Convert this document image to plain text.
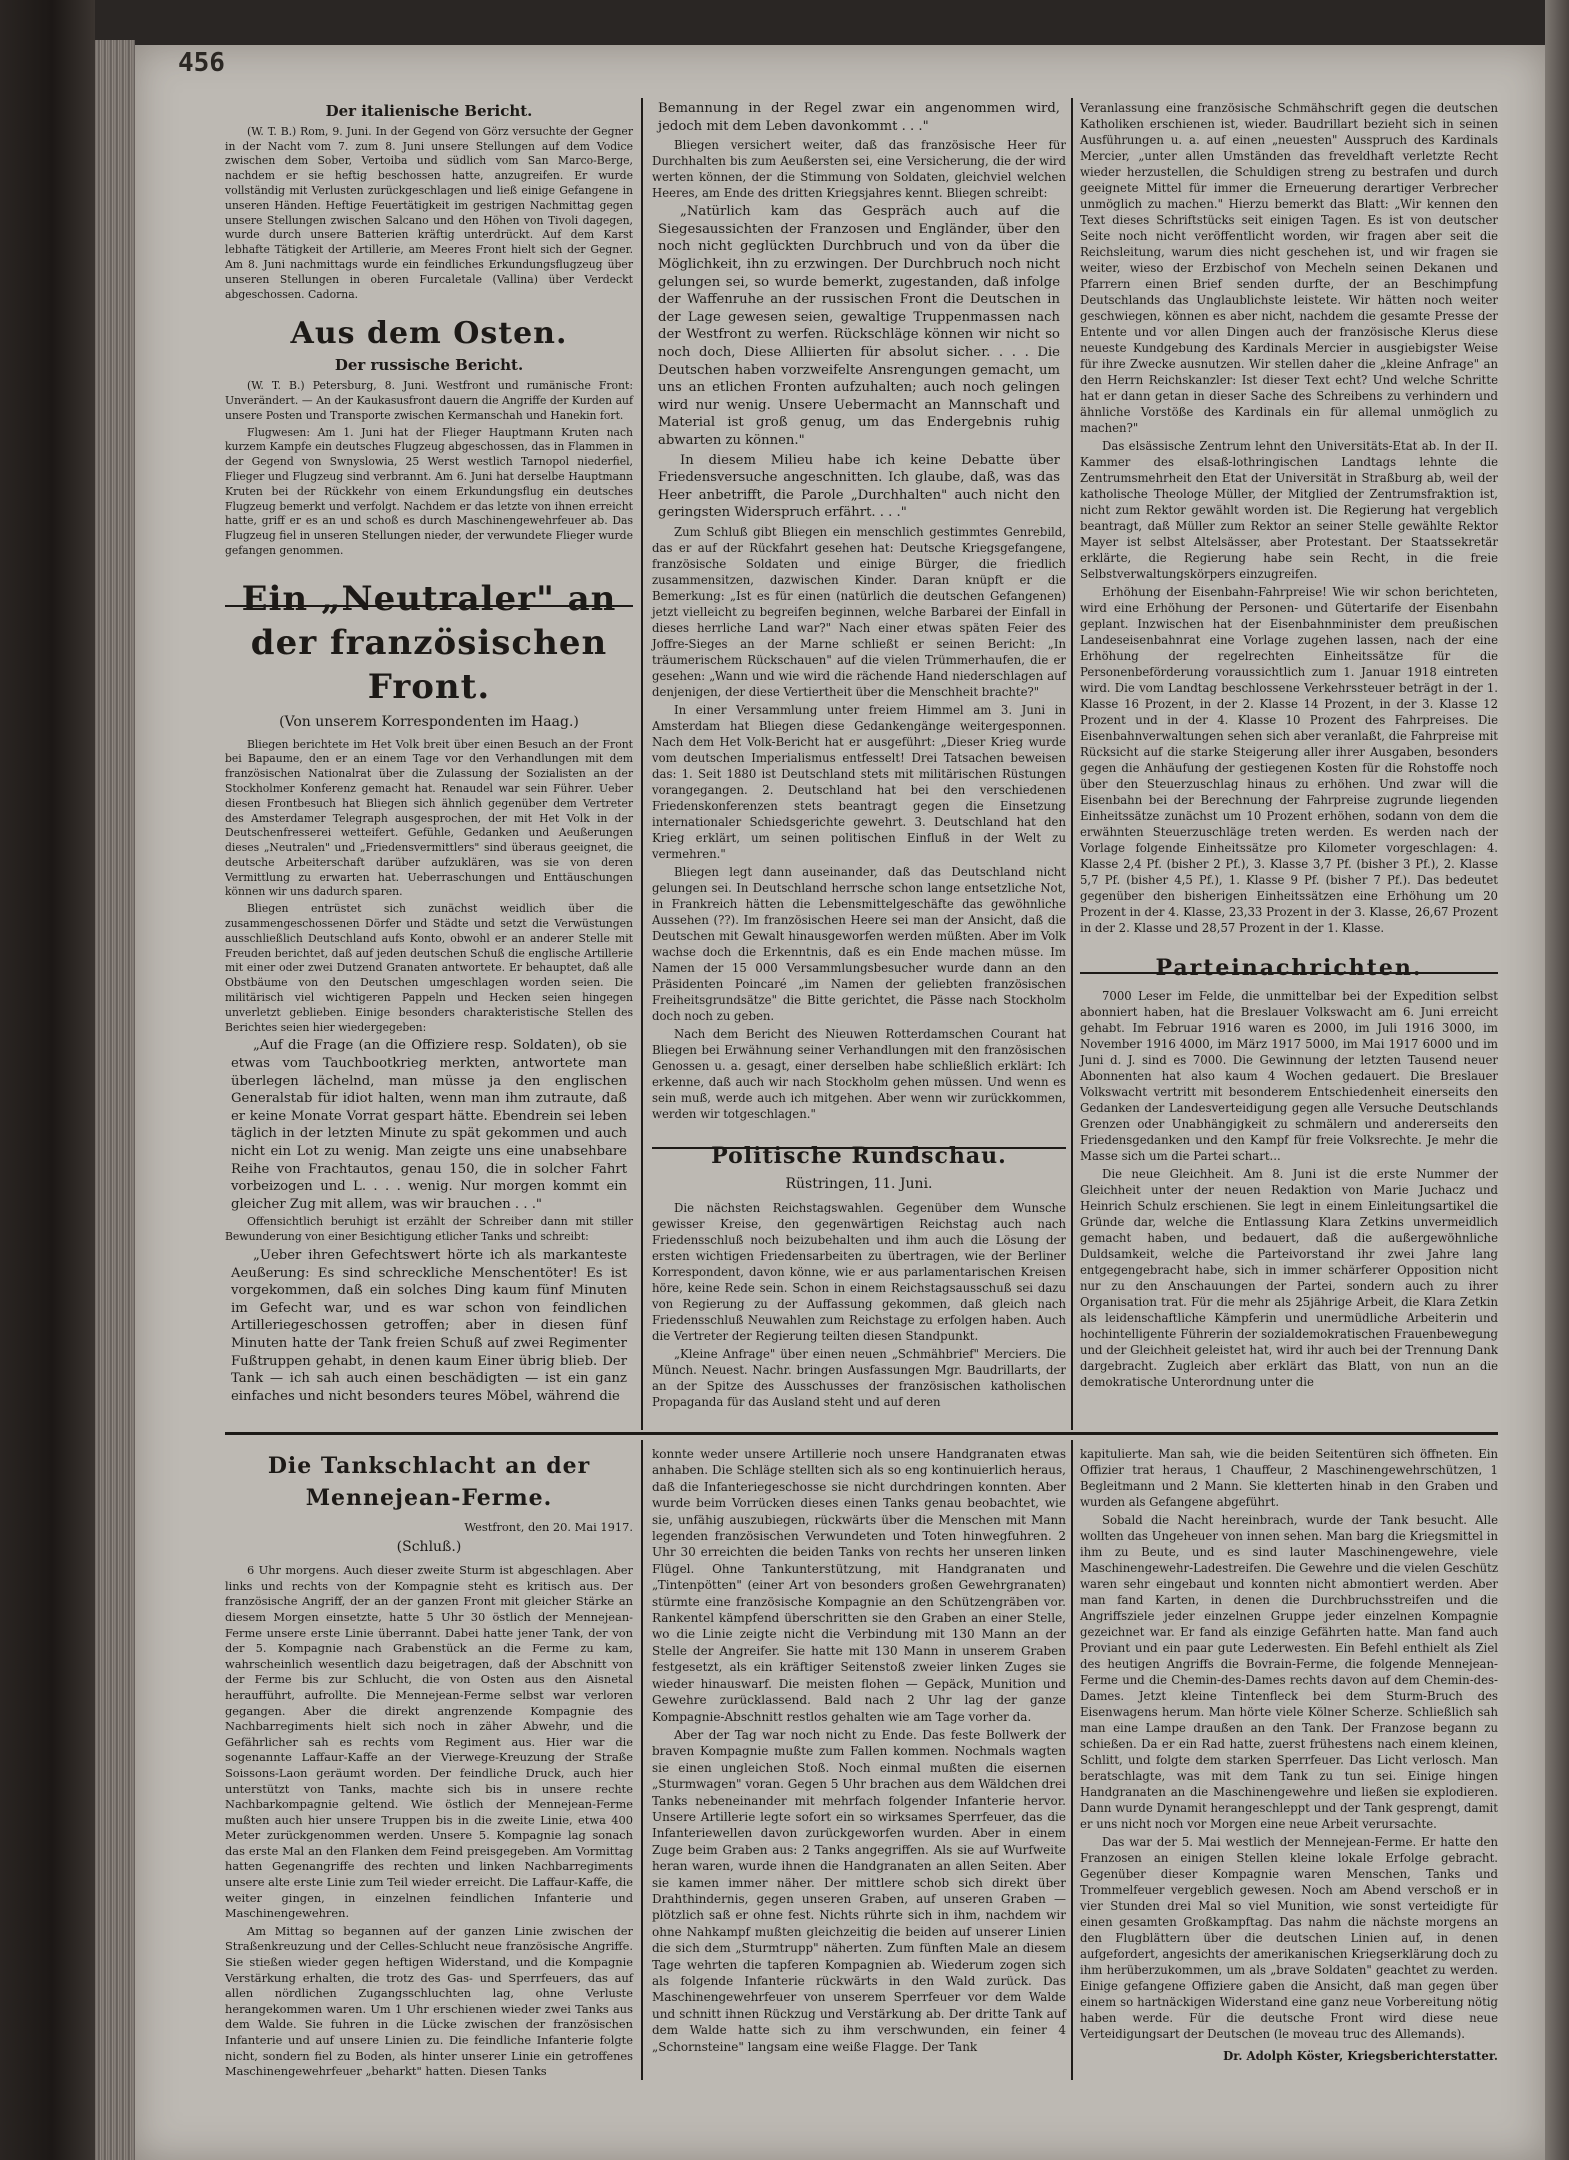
456
Der italienische Bericht.

(W. T. B.) Rom, 9. Juni. In der Gegend von Görz versuchte der Gegner in der Nacht vom 7. zum 8. Juni unsere Stellungen auf dem Vodice zwischen dem Sober, Vertoiba und südlich vom San Marco-Berge, nachdem er sie heftig beschossen hatte, anzugreifen. Er wurde vollständig mit Verlusten zurückgeschlagen und ließ einige Gefangene in unseren Händen. Heftige Feuertätigkeit im gestrigen Nachmittag gegen unsere Stellungen zwischen Salcano und den Höhen von Tivoli dagegen, wurde durch unsere Batterien kräftig unterdrückt. Auf dem Karst lebhafte Tätigkeit der Artillerie, am Meeres Front hielt sich der Gegner. Am 8. Juni nachmittags wurde ein feindliches Erkundungsflugzeug über unseren Stellungen in oberen Furcaletale (Vallina) über Verdeckt abgeschossen. Cadorna.

Aus dem Osten.
Der russische Bericht.

(W. T. B.) Petersburg, 8. Juni. Westfront und rumänische Front: Unverändert. — An der Kaukasusfront dauern die Angriffe der Kurden auf unsere Posten und Transporte zwischen Kermanschah und Hanekin fort.

Flugwesen: Am 1. Juni hat der Flieger Hauptmann Kruten nach kurzem Kampfe ein deutsches Flugzeug abgeschossen, das in Flammen in der Gegend von Swnyslowia, 25 Werst westlich Tarnopol niederfiel, Flieger und Flugzeug sind verbrannt. Am 6. Juni hat derselbe Hauptmann Kruten bei der Rückkehr von einem Erkundungsflug ein deutsches Flugzeug bemerkt und verfolgt. Nachdem er das letzte von ihnen erreicht hatte, griff er es an und schoß es durch Maschinengewehrfeuer ab. Das Flugzeug fiel in unseren Stellungen nieder, der verwundete Flieger wurde gefangen genommen.

Ein „Neutraler" an der französischen Front.
(Von unserem Korrespondenten im Haag.)

Bliegen berichtete im Het Volk breit über einen Besuch an der Front bei Bapaume, den er an einem Tage vor den Verhandlungen mit dem französischen Nationalrat über die Zulassung der Sozialisten an der Stockholmer Konferenz gemacht hat. Renaudel war sein Führer. Ueber diesen Frontbesuch hat Bliegen sich ähnlich gegenüber dem Vertreter des Amsterdamer Telegraph ausgesprochen, der mit Het Volk in der Deutschenfresserei wetteifert. Gefühle, Gedanken und Aeußerungen dieses „Neutralen" und „Friedensvermittlers" sind überaus geeignet, die deutsche Arbeiterschaft darüber aufzuklären, was sie von deren Vermittlung zu erwarten hat. Ueberraschungen und Enttäuschungen können wir uns dadurch sparen.

Bliegen entrüstet sich zunächst weidlich über die zusammengeschossenen Dörfer und Städte und setzt die Verwüstungen ausschließlich Deutschland aufs Konto, obwohl er an anderer Stelle mit Freuden berichtet, daß auf jeden deutschen Schuß die englische Artillerie mit einer oder zwei Dutzend Granaten antwortete. Er behauptet, daß alle Obstbäume von den Deutschen umgeschlagen worden seien. Die militärisch viel wichtigeren Pappeln und Hecken seien hingegen unverletzt geblieben. Einige besonders charakteristische Stellen des Berichtes seien hier wiedergegeben:

„Auf die Frage (an die Offiziere resp. Soldaten), ob sie etwas vom Tauchbootkrieg merkten, antwortete man überlegen lächelnd, man müsse ja den englischen Generalstab für idiot halten, wenn man ihm zutraute, daß er keine Monate Vorrat gespart hätte. Ebendrein sei leben täglich in der letzten Minute zu spät gekommen und auch nicht ein Lot zu wenig. Man zeigte uns eine unabsehbare Reihe von Frachtautos, genau 150, die in solcher Fahrt vorbeizogen und L. . . . wenig. Nur morgen kommt ein gleicher Zug mit allem, was wir brauchen . . ."

Offensichtlich beruhigt ist erzählt der Schreiber dann mit stiller Bewunderung von einer Besichtigung etlicher Tanks und schreibt:

„Ueber ihren Gefechtswert hörte ich als markanteste Aeußerung: Es sind schreckliche Menschentöter! Es ist vorgekommen, daß ein solches Ding kaum fünf Minuten im Gefecht war, und es war schon von feindlichen Artilleriegeschossen getroffen; aber in diesen fünf Minuten hatte der Tank freien Schuß auf zwei Regimenter Fußtruppen gehabt, in denen kaum Einer übrig blieb. Der Tank — ich sah auch einen beschädigten — ist ein ganz einfaches und nicht besonders teures Möbel, während die

Bemannung in der Regel zwar ein angenommen wird, jedoch mit dem Leben davonkommt . . ."

Bliegen versichert weiter, daß das französische Heer für Durchhalten bis zum Aeußersten sei, eine Versicherung, die der wird werten können, der die Stimmung von Soldaten, gleichviel welchen Heeres, am Ende des dritten Kriegsjahres kennt. Bliegen schreibt:

„Natürlich kam das Gespräch auch auf die Siegesaussichten der Franzosen und Engländer, über den noch nicht geglückten Durchbruch und von da über die Möglichkeit, ihn zu erzwingen. Der Durchbruch noch nicht gelungen sei, so wurde bemerkt, zugestanden, daß infolge der Waffenruhe an der russischen Front die Deutschen in der Lage gewesen seien, gewaltige Truppenmassen nach der Westfront zu werfen. Rückschläge können wir nicht so noch doch, Diese Alliierten für absolut sicher. . . . Die Deutschen haben vorzweifelte Ansrengungen gemacht, um uns an etlichen Fronten aufzuhalten; auch noch gelingen wird nur wenig. Unsere Uebermacht an Mannschaft und Material ist groß genug, um das Endergebnis ruhig abwarten zu können."

In diesem Milieu habe ich keine Debatte über Friedensversuche angeschnitten. Ich glaube, daß, was das Heer anbetrifft, die Parole „Durchhalten" auch nicht den geringsten Widerspruch erfährt. . . ."

Zum Schluß gibt Bliegen ein menschlich gestimmtes Genrebild, das er auf der Rückfahrt gesehen hat: Deutsche Kriegsgefangene, französische Soldaten und einige Bürger, die friedlich zusammensitzen, dazwischen Kinder. Daran knüpft er die Bemerkung: „Ist es für einen (natürlich die deutschen Gefangenen) jetzt vielleicht zu begreifen beginnen, welche Barbarei der Einfall in dieses herrliche Land war?" Nach einer etwas späten Feier des Joffre-Sieges an der Marne schließt er seinen Bericht: „In träumerischem Rückschauen" auf die vielen Trümmerhaufen, die er gesehen: „Wann und wie wird die rächende Hand niederschlagen auf denjenigen, der diese Vertiertheit über die Menschheit brachte?"

In einer Versammlung unter freiem Himmel am 3. Juni in Amsterdam hat Bliegen diese Gedankengänge weitergesponnen. Nach dem Het Volk-Bericht hat er ausgeführt: „Dieser Krieg wurde vom deutschen Imperialismus entfesselt! Drei Tatsachen beweisen das: 1. Seit 1880 ist Deutschland stets mit militärischen Rüstungen vorangegangen. 2. Deutschland hat bei den verschiedenen Friedenskonferenzen stets beantragt gegen die Einsetzung internationaler Schiedsgerichte gewehrt. 3. Deutschland hat den Krieg erklärt, um seinen politischen Einfluß in der Welt zu vermehren."

Bliegen legt dann auseinander, daß das Deutschland nicht gelungen sei. In Deutschland herrsche schon lange entsetzliche Not, in Frankreich hätten die Lebensmittelgeschäfte das gewöhnliche Aussehen (??). Im französischen Heere sei man der Ansicht, daß die Deutschen mit Gewalt hinausgeworfen werden müßten. Aber im Volk wachse doch die Erkenntnis, daß es ein Ende machen müsse. Im Namen der 15 000 Versammlungsbesucher wurde dann an den Präsidenten Poincaré „im Namen der geliebten französischen Freiheitsgrundsätze" die Bitte gerichtet, die Pässe nach Stockholm doch noch zu geben.

Nach dem Bericht des Nieuwen Rotterdamschen Courant hat Bliegen bei Erwähnung seiner Verhandlungen mit den französischen Genossen u. a. gesagt, einer derselben habe schließlich erklärt: Ich erkenne, daß auch wir nach Stockholm gehen müssen. Und wenn es sein muß, werde auch ich mitgehen. Aber wenn wir zurückkommen, werden wir totgeschlagen."

Politische Rundschau.
Rüstringen, 11. Juni.

Die nächsten Reichstagswahlen. Gegenüber dem Wunsche gewisser Kreise, den gegenwärtigen Reichstag auch nach Friedensschluß noch beizubehalten und ihm auch die Lösung der ersten wichtigen Friedensarbeiten zu übertragen, wie der Berliner Korrespondent, davon könne, wie er aus parlamentarischen Kreisen höre, keine Rede sein. Schon in einem Reichstagsausschuß sei dazu von Regierung zu der Auffassung gekommen, daß gleich nach Friedensschluß Neuwahlen zum Reichstage zu erfolgen haben. Auch die Vertreter der Regierung teilten diesen Standpunkt.

„Kleine Anfrage" über einen neuen „Schmähbrief" Merciers. Die Münch. Neuest. Nachr. bringen Ausfassungen Mgr. Baudrillarts, der an der Spitze des Ausschusses der französischen katholischen Propaganda für das Ausland steht und auf deren

Veranlassung eine französische Schmähschrift gegen die deutschen Katholiken erschienen ist, wieder. Baudrillart bezieht sich in seinen Ausführungen u. a. auf einen „neuesten" Ausspruch des Kardinals Mercier, „unter allen Umständen das freveldhaft verletzte Recht wieder herzustellen, die Schuldigen streng zu bestrafen und durch geeignete Mittel für immer die Erneuerung derartiger Verbrecher unmöglich zu machen." Hierzu bemerkt das Blatt: „Wir kennen den Text dieses Schriftstücks seit einigen Tagen. Es ist von deutscher Seite noch nicht veröffentlicht worden, wir fragen aber seit die Reichsleitung, warum dies nicht geschehen ist, und wir fragen sie weiter, wieso der Erzbischof von Mecheln seinen Dekanen und Pfarrern einen Brief senden durfte, der an Beschimpfung Deutschlands das Unglaublichste leistete. Wir hätten noch weiter geschwiegen, können es aber nicht, nachdem die gesamte Presse der Entente und vor allen Dingen auch der französische Klerus diese neueste Kundgebung des Kardinals Mercier in ausgiebigster Weise für ihre Zwecke ausnutzen. Wir stellen daher die „kleine Anfrage" an den Herrn Reichskanzler: Ist dieser Text echt? Und welche Schritte hat er dann getan in dieser Sache des Schreibens zu verhindern und ähnliche Vorstöße des Kardinals ein für allemal unmöglich zu machen?"

Das elsässische Zentrum lehnt den Universitäts-Etat ab. In der II. Kammer des elsaß-lothringischen Landtags lehnte die Zentrumsmehrheit den Etat der Universität in Straßburg ab, weil der katholische Theologe Müller, der Mitglied der Zentrumsfraktion ist, nicht zum Rektor gewählt worden ist. Die Regierung hat vergeblich beantragt, daß Müller zum Rektor an seiner Stelle gewählte Rektor Mayer ist selbst Altelsässer, aber Protestant. Der Staatssekretär erklärte, die Regierung habe sein Recht, in die freie Selbstverwaltungskörpers einzugreifen.

Erhöhung der Eisenbahn-Fahrpreise! Wie wir schon berichteten, wird eine Erhöhung der Personen- und Gütertarife der Eisenbahn geplant. Inzwischen hat der Eisenbahnminister dem preußischen Landeseisenbahnrat eine Vorlage zugehen lassen, nach der eine Erhöhung der regelrechten Einheitssätze für die Personenbeförderung voraussichtlich zum 1. Januar 1918 eintreten wird. Die vom Landtag beschlossene Verkehrssteuer beträgt in der 1. Klasse 16 Prozent, in der 2. Klasse 14 Prozent, in der 3. Klasse 12 Prozent und in der 4. Klasse 10 Prozent des Fahrpreises. Die Eisenbahnverwaltungen sehen sich aber veranlaßt, die Fahrpreise mit Rücksicht auf die starke Steigerung aller ihrer Ausgaben, besonders gegen die Anhäufung der gestiegenen Kosten für die Rohstoffe noch über den Steuerzuschlag hinaus zu erhöhen. Und zwar will die Eisenbahn bei der Berechnung der Fahrpreise zugrunde liegenden Einheitssätze zunächst um 10 Prozent erhöhen, sodann von dem die erwähnten Steuerzuschläge treten werden. Es werden nach der Vorlage folgende Einheitssätze pro Kilometer vorgeschlagen: 4. Klasse 2,4 Pf. (bisher 2 Pf.), 3. Klasse 3,7 Pf. (bisher 3 Pf.), 2. Klasse 5,7 Pf. (bisher 4,5 Pf.), 1. Klasse 9 Pf. (bisher 7 Pf.). Das bedeutet gegenüber den bisherigen Einheitssätzen eine Erhöhung um 20 Prozent in der 4. Klasse, 23,33 Prozent in der 3. Klasse, 26,67 Prozent in der 2. Klasse und 28,57 Prozent in der 1. Klasse.

Parteinachrichten.

7000 Leser im Felde, die unmittelbar bei der Expedition selbst abonniert haben, hat die Breslauer Volkswacht am 6. Juni erreicht gehabt. Im Februar 1916 waren es 2000, im Juli 1916 3000, im November 1916 4000, im März 1917 5000, im Mai 1917 6000 und im Juni d. J. sind es 7000. Die Gewinnung der letzten Tausend neuer Abonnenten hat also kaum 4 Wochen gedauert. Die Breslauer Volkswacht vertritt mit besonderem Entschiedenheit einerseits den Gedanken der Landesverteidigung gegen alle Versuche Deutschlands Grenzen oder Unabhängigkeit zu schmälern und andererseits den Friedensgedanken und den Kampf für freie Volksrechte. Je mehr die Masse sich um die Partei schart...

Die neue Gleichheit. Am 8. Juni ist die erste Nummer der Gleichheit unter der neuen Redaktion von Marie Juchacz und Heinrich Schulz erschienen. Sie legt in einem Einleitungsartikel die Gründe dar, welche die Entlassung Klara Zetkins unvermeidlich gemacht haben, und bedauert, daß die außergewöhnliche Duldsamkeit, welche die Parteivorstand ihr zwei Jahre lang entgegengebracht habe, sich in immer schärferer Opposition nicht nur zu den Anschauungen der Partei, sondern auch zu ihrer Organisation trat. Für die mehr als 25jährige Arbeit, die Klara Zetkin als leidenschaftliche Kämpferin und unermüdliche Arbeiterin und hochintelligente Führerin der sozialdemokratischen Frauenbewegung und der Gleichheit geleistet hat, wird ihr auch bei der Trennung Dank dargebracht. Zugleich aber erklärt das Blatt, von nun an die demokratische Unterordnung unter die

Die Tankschlacht an der Mennejean-Ferme.
Westfront, den 20. Mai 1917.
(Schluß.)

6 Uhr morgens. Auch dieser zweite Sturm ist abgeschlagen. Aber links und rechts von der Kompagnie steht es kritisch aus. Der französische Angriff, der an der ganzen Front mit gleicher Stärke an diesem Morgen einsetzte, hatte 5 Uhr 30 östlich der Mennejean-Ferme unsere erste Linie überrannt. Dabei hatte jener Tank, der von der 5. Kompagnie nach Grabenstück an die Ferme zu kam, wahrscheinlich wesentlich dazu beigetragen, daß der Abschnitt von der Ferme bis zur Schlucht, die von Osten aus den Aisnetal heraufführt, aufrollte. Die Mennejean-Ferme selbst war verloren gegangen. Aber die direkt angrenzende Kompagnie des Nachbarregiments hielt sich noch in zäher Abwehr, und die Gefährlicher sah es rechts vom Regiment aus. Hier war die sogenannte Laffaur-Kaffe an der Vierwege-Kreuzung der Straße Soissons-Laon geräumt worden. Der feindliche Druck, auch hier unterstützt von Tanks, machte sich bis in unsere rechte Nachbarkompagnie geltend. Wie östlich der Mennejean-Ferme mußten auch hier unsere Truppen bis in die zweite Linie, etwa 400 Meter zurückgenommen werden. Unsere 5. Kompagnie lag sonach das erste Mal an den Flanken dem Feind preisgegeben. Am Vormittag hatten Gegenangriffe des rechten und linken Nachbarregiments unsere alte erste Linie zum Teil wieder erreicht. Die Laffaur-Kaffe, die weiter gingen, in einzelnen feindlichen Infanterie und Maschinengewehren.

Am Mittag so begannen auf der ganzen Linie zwischen der Straßenkreuzung und der Celles-Schlucht neue französische Angriffe. Sie stießen wieder gegen heftigen Widerstand, und die Kompagnie Verstärkung erhalten, die trotz des Gas- und Sperrfeuers, das auf allen nördlichen Zugangsschluchten lag, ohne Verluste herangekommen waren. Um 1 Uhr erschienen wieder zwei Tanks aus dem Walde. Sie fuhren in die Lücke zwischen der französischen Infanterie und auf unsere Linien zu. Die feindliche Infanterie folgte nicht, sondern fiel zu Boden, als hinter unserer Linie ein getroffenes Maschinengewehrfeuer „beharkt" hatten. Diesen Tanks

konnte weder unsere Artillerie noch unsere Handgranaten etwas anhaben. Die Schläge stellten sich als so eng kontinuierlich heraus, daß die Infanteriegeschosse sie nicht durchdringen konnten. Aber wurde beim Vorrücken dieses einen Tanks genau beobachtet, wie sie, unfähig auszubiegen, rückwärts über die Menschen mit Mann legenden französischen Verwundeten und Toten hinwegfuhren. 2 Uhr 30 erreichten die beiden Tanks von rechts her unseren linken Flügel. Ohne Tankunterstützung, mit Handgranaten und „Tintenpötten" (einer Art von besonders großen Gewehrgranaten) stürmte eine französische Kompagnie an den Schützengräben vor. Rankentel kämpfend überschritten sie den Graben an einer Stelle, wo die Linie zeigte nicht die Verbindung mit 130 Mann an der Stelle der Angreifer. Sie hatte mit 130 Mann in unserem Graben festgesetzt, als ein kräftiger Seitenstoß zweier linken Zuges sie wieder hinauswarf. Die meisten flohen — Gepäck, Munition und Gewehre zurücklassend. Bald nach 2 Uhr lag der ganze Kompagnie-Abschnitt restlos gehalten wie am Tage vorher da.

Aber der Tag war noch nicht zu Ende. Das feste Bollwerk der braven Kompagnie mußte zum Fallen kommen. Nochmals wagten sie einen ungleichen Stoß. Noch einmal mußten die eisernen „Sturmwagen" voran. Gegen 5 Uhr brachen aus dem Wäldchen drei Tanks nebeneinander mit mehrfach folgender Infanterie hervor. Unsere Artillerie legte sofort ein so wirksames Sperrfeuer, das die Infanteriewellen davon zurückgeworfen wurden. Aber in einem Zuge beim Graben aus: 2 Tanks angegriffen. Als sie auf Wurfweite heran waren, wurde ihnen die Handgranaten an allen Seiten. Aber sie kamen immer näher. Der mittlere schob sich direkt über Drahthindernis, gegen unseren Graben, auf unseren Graben — plötzlich saß er ohne fest. Nichts rührte sich in ihm, nachdem wir ohne Nahkampf mußten gleichzeitig die beiden auf unserer Linien die sich dem „Sturmtrupp" näherten. Zum fünften Male an diesem Tage wehrten die tapferen Kompagnien ab. Wiederum zogen sich als folgende Infanterie rückwärts in den Wald zurück. Das Maschinengewehrfeuer von unserem Sperrfeuer vor dem Walde und schnitt ihnen Rückzug und Verstärkung ab. Der dritte Tank auf dem Walde hatte sich zu ihm verschwunden, ein feiner 4 „Schornsteine" langsam eine weiße Flagge. Der Tank

kapitulierte. Man sah, wie die beiden Seitentüren sich öffneten. Ein Offizier trat heraus, 1 Chauffeur, 2 Maschinengewehrschützen, 1 Begleitmann und 2 Mann. Sie kletterten hinab in den Graben und wurden als Gefangene abgeführt.

Sobald die Nacht hereinbrach, wurde der Tank besucht. Alle wollten das Ungeheuer von innen sehen. Man barg die Kriegsmittel in ihm zu Beute, und es sind lauter Maschinengewehre, viele Maschinengewehr-Ladestreifen. Die Gewehre und die vielen Geschütz waren sehr eingebaut und konnten nicht abmontiert werden. Aber man fand Karten, in denen die Durchbruchsstreifen und die Angriffsziele jeder einzelnen Gruppe jeder einzelnen Kompagnie gezeichnet war. Er fand als einzige Gefährten hatte. Man fand auch Proviant und ein paar gute Lederwesten. Ein Befehl enthielt als Ziel des heutigen Angriffs die Bovrain-Ferme, die folgende Mennejean-Ferme und die Chemin-des-Dames rechts davon auf dem Chemin-des-Dames. Jetzt kleine Tintenfleck bei dem Sturm-Bruch des Eisenwagens herum. Man hörte viele Kölner Scherze. Schließlich sah man eine Lampe draußen an den Tank. Der Franzose begann zu schießen. Da er ein Rad hatte, zuerst frühestens nach einem kleinen, Schlitt, und folgte dem starken Sperrfeuer. Das Licht verlosch. Man beratschlagte, was mit dem Tank zu tun sei. Einige hingen Handgranaten an die Maschinengewehre und ließen sie explodieren. Dann wurde Dynamit herangeschleppt und der Tank gesprengt, damit er uns nicht noch vor Morgen eine neue Arbeit verursachte.

Das war der 5. Mai westlich der Mennejean-Ferme. Er hatte den Franzosen an einigen Stellen kleine lokale Erfolge gebracht. Gegenüber dieser Kompagnie waren Menschen, Tanks und Trommelfeuer vergeblich gewesen. Noch am Abend verschoß er in vier Stunden drei Mal so viel Munition, wie sonst verteidigte für einen gesamten Großkampftag. Das nahm die nächste morgens an den Flugblättern über die deutschen Linien auf, in denen aufgefordert, angesichts der amerikanischen Kriegserklärung doch zu ihm herüberzukommen, um als „brave Soldaten" geachtet zu werden. Einige gefangene Offiziere gaben die Ansicht, daß man gegen über einem so hartnäckigen Widerstand eine ganz neue Vorbereitung nötig haben werde. Für die deutsche Front wird diese neue Verteidigungsart der Deutschen (le moveau truc des Allemands).

Dr. Adolph Köster, Kriegsberichterstatter.
